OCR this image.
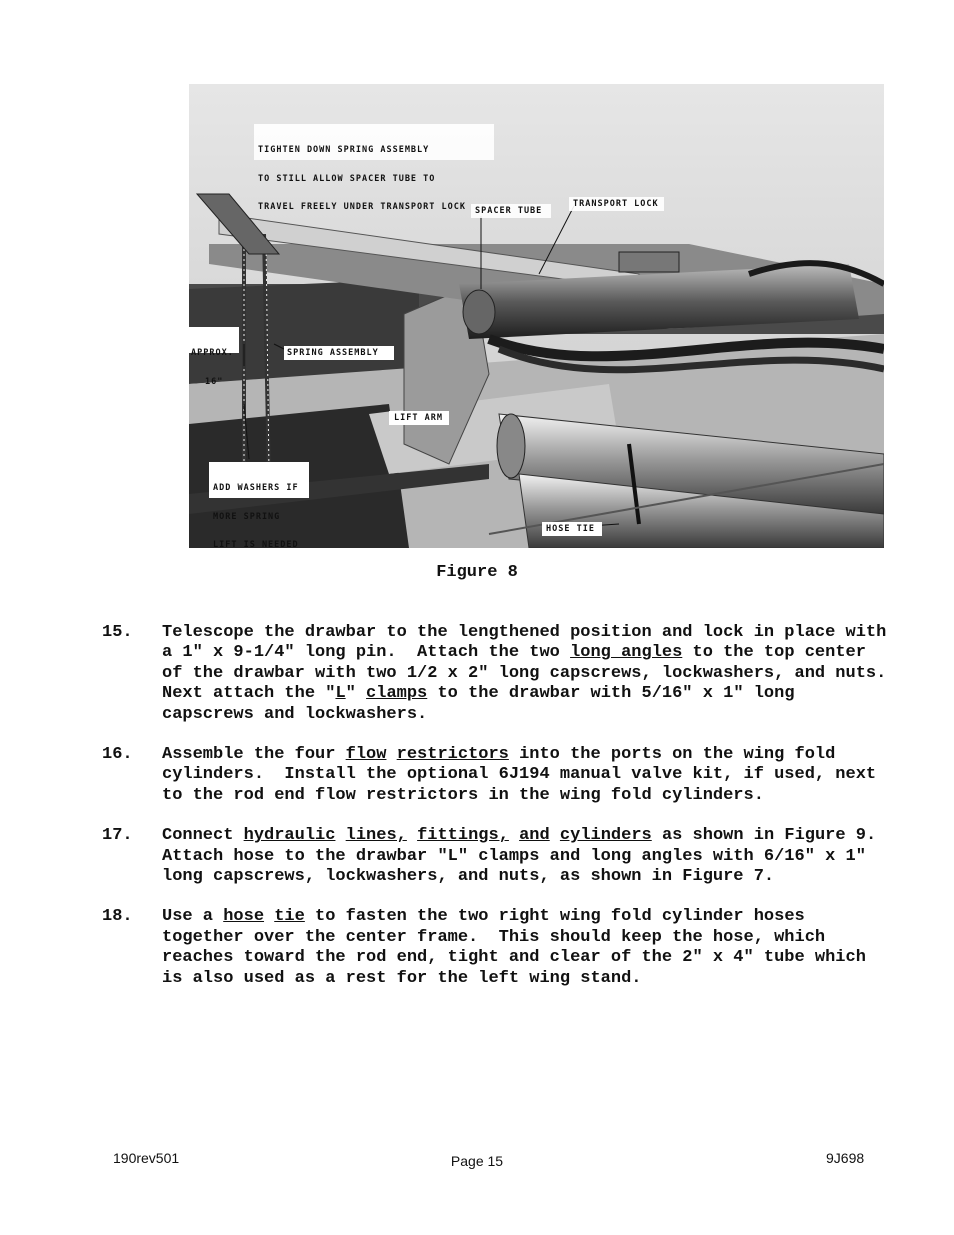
TIGHTEN DOWN SPRING ASSEMBLY

TO STILL ALLOW SPACER TUBE TO

TRAVEL FREELY UNDER TRANSPORT LOCK

SPACER TUBE
TRANSPORT LOCK

APPROX.

16"

SPRING ASSEMBLY
LIFT ARM

ADD WASHERS IF

MORE SPRING

LIFT IS NEEDED

HOSE TIE
Figure 8
15.	Telescope the drawbar to the lengthened position and lock in place with a 1" x 9-1/4" long pin.  Attach the two long angles to the top center of the drawbar with two 1/2 x 2" long capscrews, lockwashers, and nuts.  Next attach the "L" clamps to the drawbar with 5/16" x 1" long capscrews and lockwashers.
16.	Assemble the four flow restrictors into the ports on the wing fold cylinders.  Install the optional 6J194 manual valve kit, if used, next to the rod end flow restrictors in the wing fold cylinders.
17.	Connect hydraulic lines, fittings, and cylinders as shown in Figure 9.  Attach hose to the drawbar "L" clamps and long angles with 6/16" x 1" long capscrews, lockwashers, and nuts, as shown in Figure 7.
18.	Use a hose tie to fasten the two right wing fold cylinder hoses together over the center frame.  This should keep the hose, which reaches toward the rod end, tight and clear of the 2" x 4" tube which is also used as a rest for the left wing stand.
190rev501	Page 15	9J698
